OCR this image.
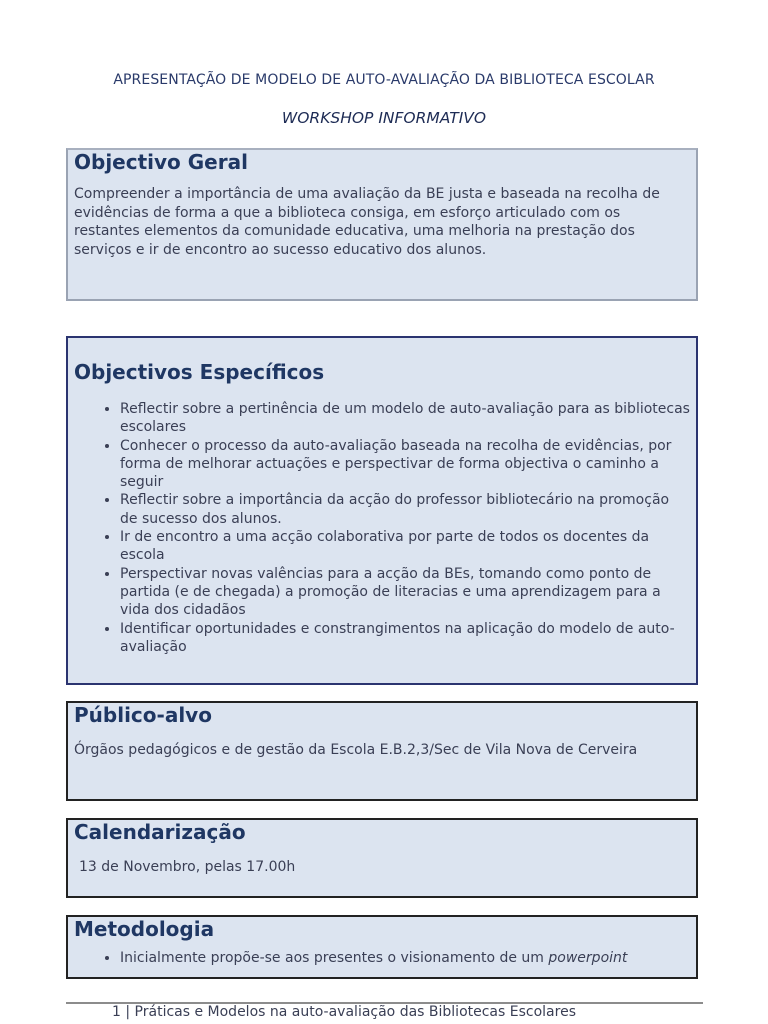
APRESENTAÇÃO DE MODELO DE AUTO-AVALIAÇÃO DA BIBLIOTECA ESCOLAR
WORKSHOP INFORMATIVO
Objectivo Geral

Compreender a importância de uma avaliação da BE justa e baseada na recolha de evidências de forma a que a biblioteca consiga, em esforço articulado com os restantes elementos da comunidade educativa, uma melhoria na prestação dos serviços e ir de encontro ao sucesso educativo dos alunos.

Objectivos Específicos
• Reflectir sobre a pertinência de um modelo de auto-avaliação para as bibliotecas escolares
• Conhecer o processo da auto-avaliação baseada na recolha de evidências, por forma de melhorar actuações e perspectivar de forma objectiva o caminho a seguir
• Reflectir sobre a importância da acção do professor bibliotecário na promoção de sucesso dos alunos.
• Ir de encontro a uma acção colaborativa por parte de todos os docentes da escola
• Perspectivar novas valências para a acção da BEs, tomando como ponto de partida (e de chegada) a promoção de literacias e uma aprendizagem para a vida dos cidadãos
• Identificar oportunidades e constrangimentos na aplicação do modelo de auto-avaliação
Público-alvo

Órgãos pedagógicos e de gestão da Escola E.B.2,3/Sec de Vila Nova de Cerveira

Calendarização

13 de Novembro, pelas 17.00h

Metodologia
• Inicialmente propõe-se aos presentes o visionamento de um powerpoint
1 | Práticas e Modelos na auto-avaliação das Bibliotecas Escolares
